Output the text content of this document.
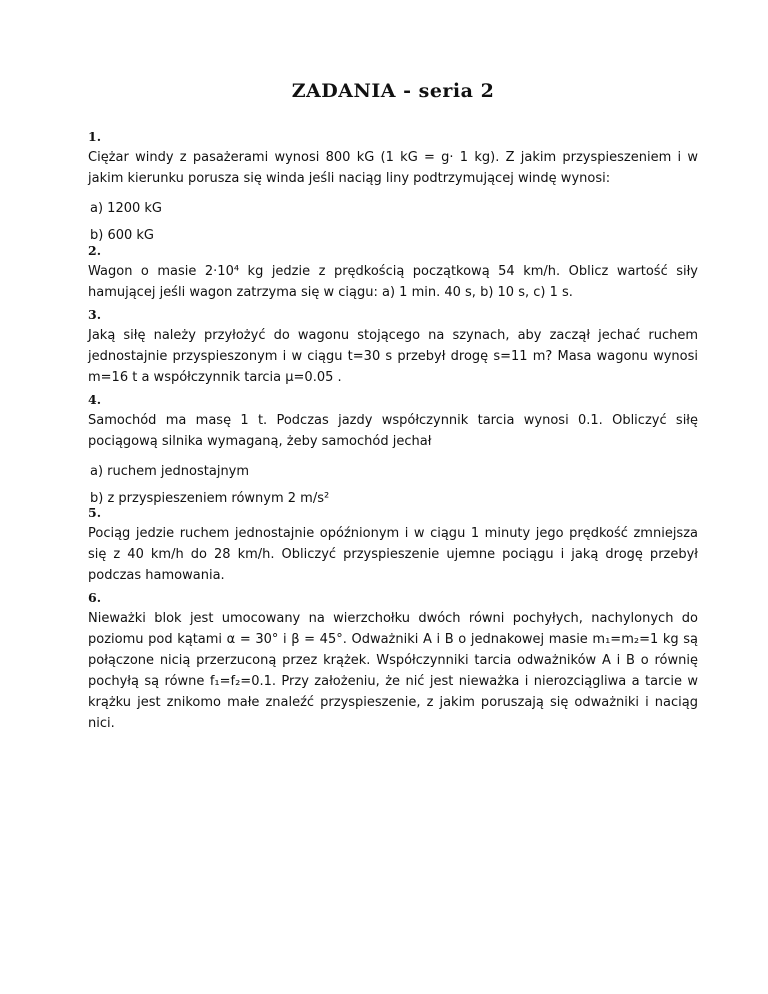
ZADANIA - seria 2
1.
Ciężar windy z pasażerami wynosi 800 kG (1 kG = g· 1 kg). Z jakim przyspieszeniem i w jakim kierunku porusza się winda jeśli naciąg liny podtrzymującej windę wynosi:
a) 1200 kG
b) 600 kG
2.
Wagon o masie 2·10⁴ kg jedzie z prędkością początkową 54 km/h. Oblicz wartość siły hamującej jeśli wagon zatrzyma się w ciągu: a) 1 min. 40 s, b) 10 s, c) 1 s.
3.
Jaką siłę należy przyłożyć do wagonu stojącego na szynach, aby zaczął jechać ruchem jednostajnie przyspieszonym i w ciągu t=30 s przebył drogę s=11 m? Masa wagonu wynosi m=16 t a współczynnik tarcia μ=0.05 .
4.
Samochód ma masę 1 t. Podczas jazdy współczynnik tarcia wynosi 0.1. Obliczyć siłę pociągową silnika wymaganą, żeby samochód jechał
a) ruchem jednostajnym
b) z przyspieszeniem równym 2 m/s²
5.
Pociąg jedzie ruchem jednostajnie opóźnionym i w ciągu 1 minuty jego prędkość zmniejsza się z 40 km/h do 28 km/h. Obliczyć przyspieszenie ujemne pociągu i jaką drogę przebył podczas hamowania.
6.
Nieważki blok jest umocowany na wierzchołku dwóch równi pochyłych, nachylonych do poziomu pod kątami α = 30° i β = 45°. Odważniki A i B o jednakowej masie m₁=m₂=1 kg są połączone nicią przerzuconą przez krążek. Współczynniki tarcia odważników A i B o równię pochyłą są równe f₁=f₂=0.1. Przy założeniu, że nić jest nieważka i nierozciągliwa a tarcie w krążku jest znikomo małe znaleźć przyspieszenie, z jakim poruszają się odważniki i naciąg nici.
